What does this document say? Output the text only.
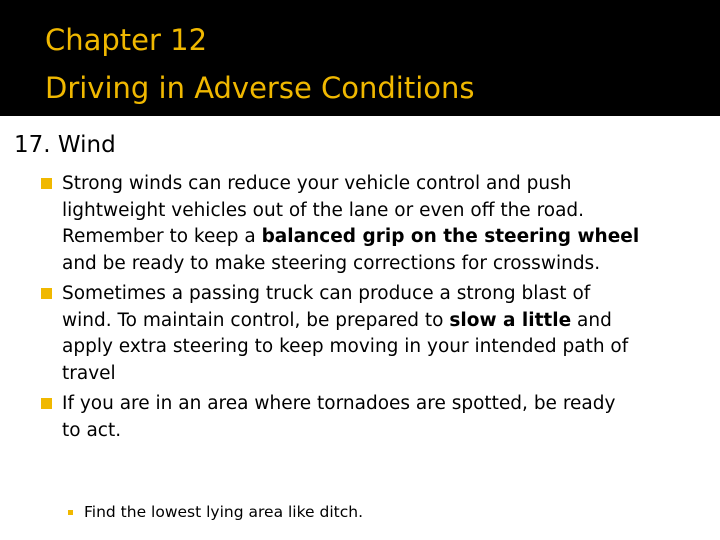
Chapter 12
Driving in Adverse Conditions
17. Wind
Strong winds can reduce your vehicle control and push
lightweight vehicles out of the lane or even off the road.
Remember to keep a balanced grip on the steering wheel
and be ready to make steering corrections for crosswinds.
Sometimes a passing truck can produce a strong blast of
wind. To maintain control, be prepared to slow a little and
apply extra steering to keep moving in your intended path of
travel
If you are in an area where tornadoes are spotted, be ready
to act.
Find the lowest lying area like ditch.
